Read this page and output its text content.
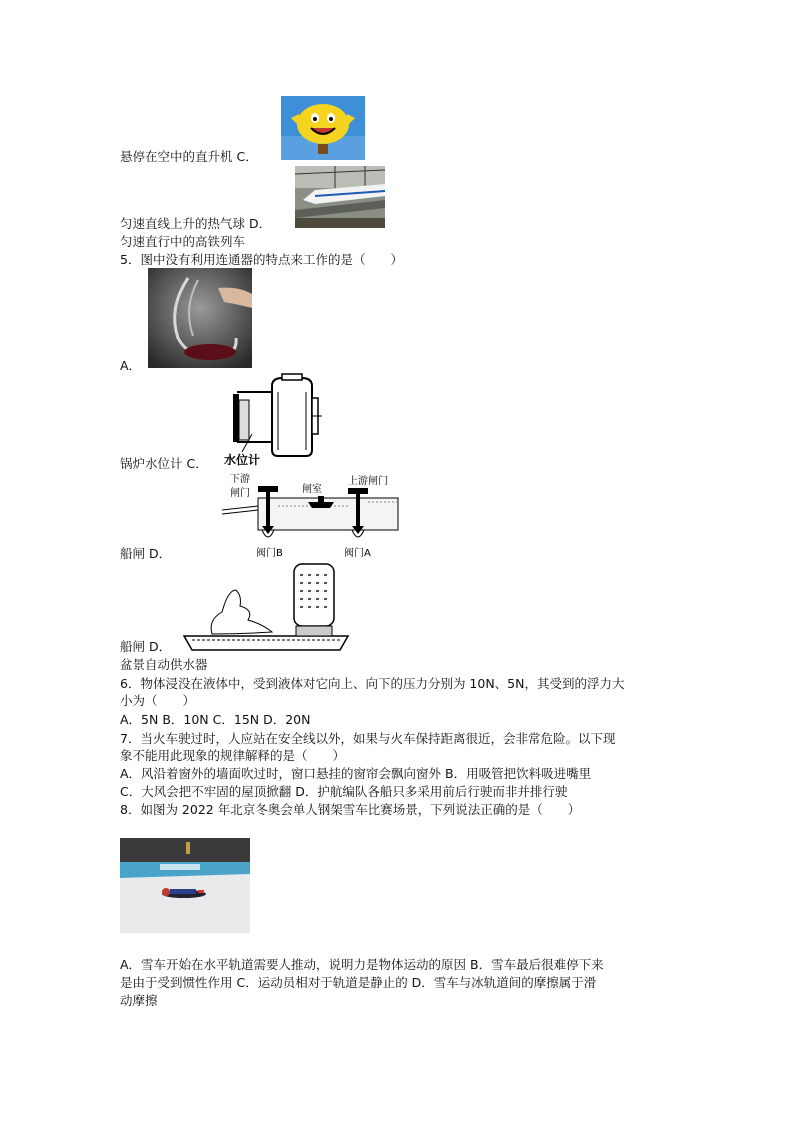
悬停在空中的直升机 C．
匀速直线上升的热气球 D．
匀速直行中的高铁列车
5．图中没有利用连通器的特点来工作的是（　　）
A．
水位计
锅炉水位计 C．
下游
闸门	闸室
上游闸门
阀门B	阀门A
船闸 D．
船闸 D．
盆景自动供水器
6．物体浸没在液体中，受到液体对它向上、向下的压力分别为 10N、5N，其受到的浮力大
小为（　　）
A．5N B．10N C．15N D．20N
7．当火车驶过时，人应站在安全线以外，如果与火车保持距离很近，会非常危险。以下现
象不能用此现象的规律解释的是（　　）
A．风沿着窗外的墙面吹过时，窗口悬挂的窗帘会飘向窗外 B．用吸管把饮料吸进嘴里
C．大风会把不牢固的屋顶掀翻 D．护航编队各船只多采用前后行驶而非并排行驶
8．如图为 2022 年北京冬奥会单人钢架雪车比赛场景，下列说法正确的是（　　）
A．雪车开始在水平轨道需要人推动，说明力是物体运动的原因 B．雪车最后很难停下来
是由于受到惯性作用 C．运动员相对于轨道是静止的 D．雪车与冰轨道间的摩擦属于滑
动摩擦
